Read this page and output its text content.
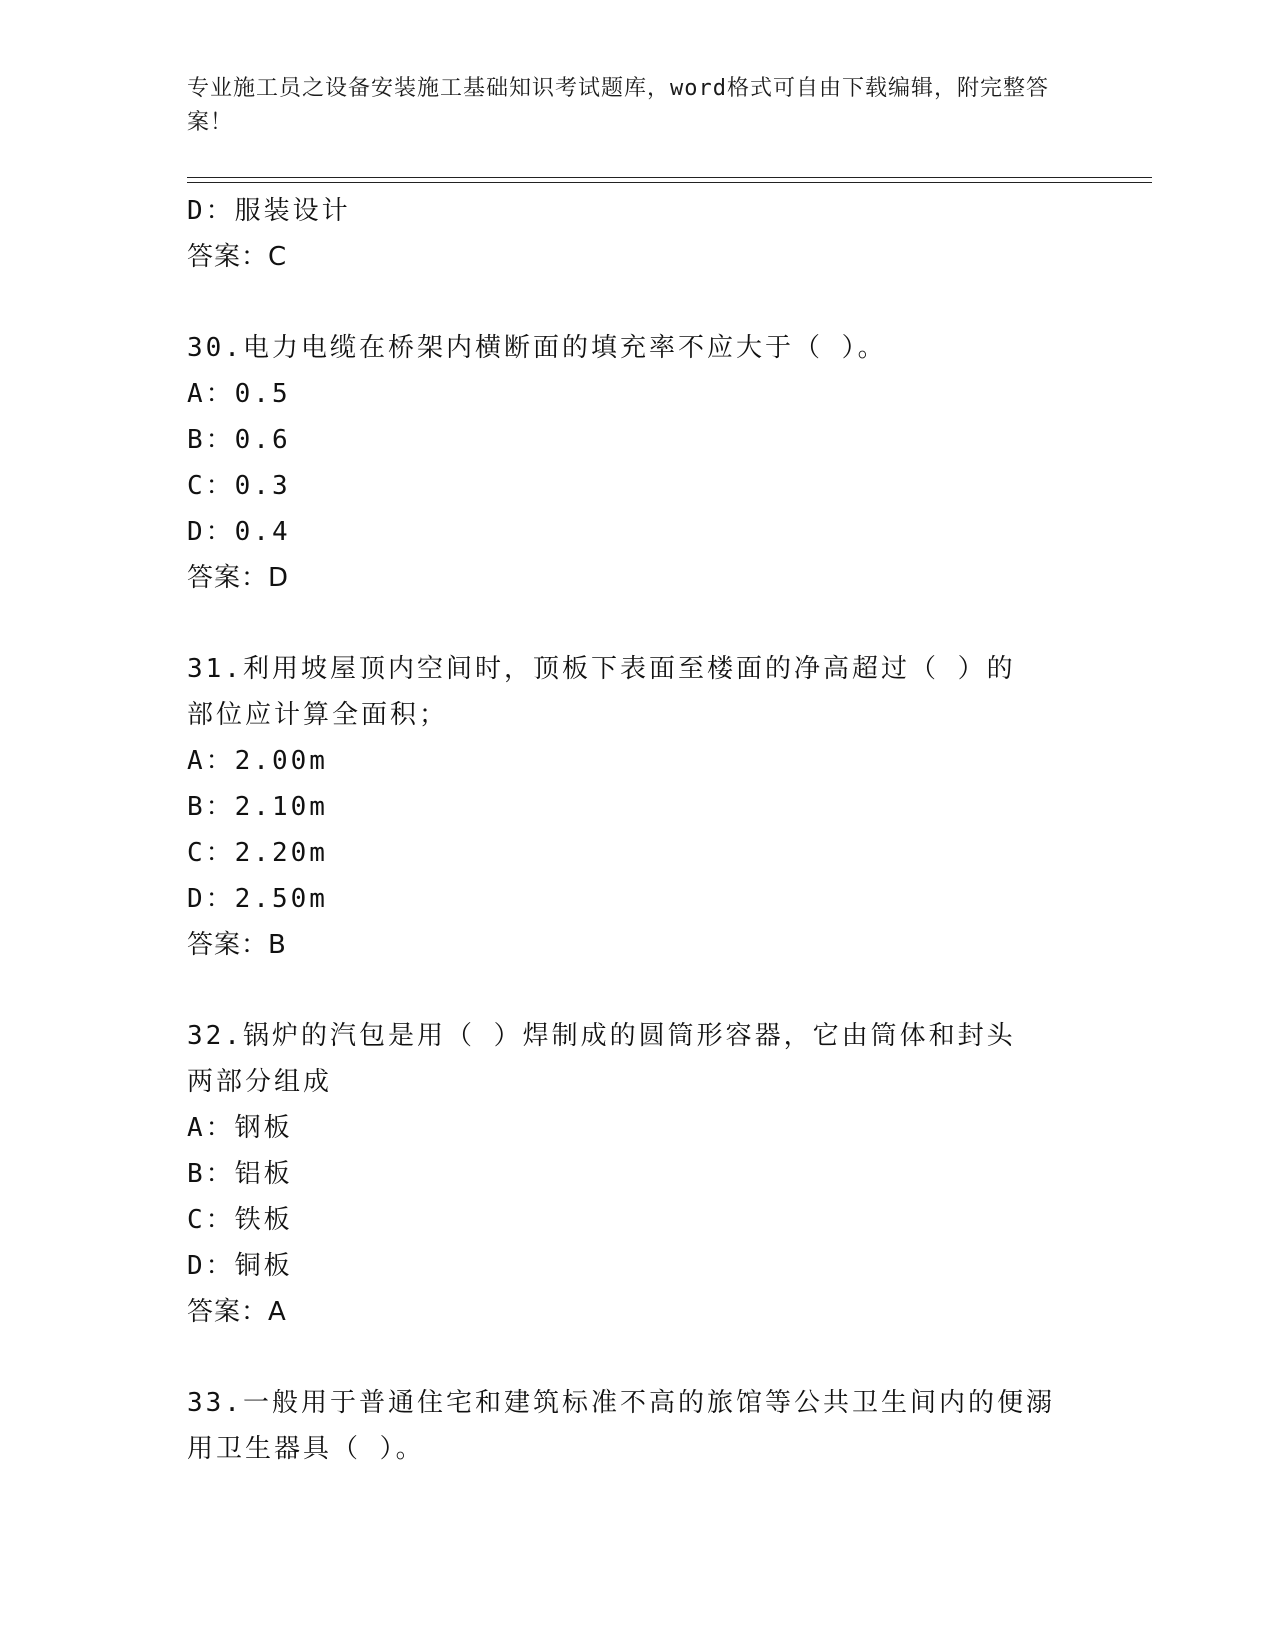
专业施工员之设备安装施工基础知识考试题库，word格式可自由下载编辑，附完整答案！
D：服装设计
答案：C
30.电力电缆在桥架内横断面的填充率不应大于（ ）。
A：0.5
B：0.6
C：0.3
D：0.4
答案：D
31.利用坡屋顶内空间时，顶板下表面至楼面的净高超过（ ）的部位应计算全面积；
A：2.00m
B：2.10m
C：2.20m
D：2.50m
答案：B
32.锅炉的汽包是用（ ）焊制成的圆筒形容器，它由筒体和封头两部分组成
A：钢板
B：铝板
C：铁板
D：铜板
答案：A
33.一般用于普通住宅和建筑标准不高的旅馆等公共卫生间内的便溺用卫生器具（ ）。
